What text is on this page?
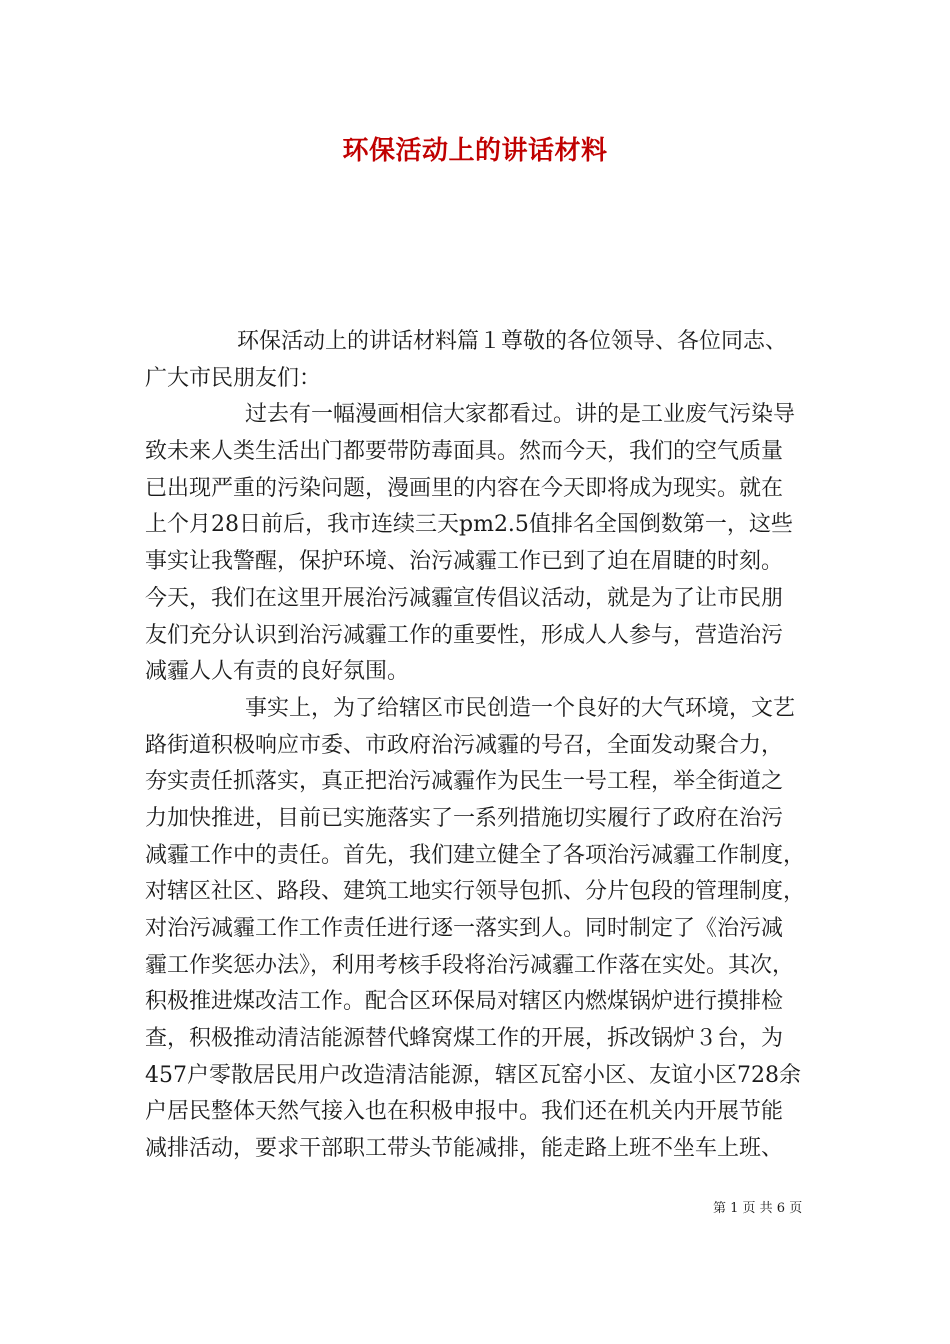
环保活动上的讲话材料
环保活动上的讲话材料篇１尊敬的各位领导、各位同志、
广大市民朋友们：
过去有一幅漫画相信大家都看过。讲的是工业废气污染导
致未来人类生活出门都要带防毒面具。然而今天，我们的空气质量
已出现严重的污染问题，漫画里的内容在今天即将成为现实。就在
上个月28日前后，我市连续三天pm2.5值排名全国倒数第一，这些
事实让我警醒，保护环境、治污减霾工作已到了迫在眉睫的时刻。
今天，我们在这里开展治污减霾宣传倡议活动，就是为了让市民朋
友们充分认识到治污减霾工作的重要性，形成人人参与，营造治污
减霾人人有责的良好氛围。
事实上，为了给辖区市民创造一个良好的大气环境，文艺
路街道积极响应市委、市政府治污减霾的号召，全面发动聚合力，
夯实责任抓落实，真正把治污减霾作为民生一号工程，举全街道之
力加快推进，目前已实施落实了一系列措施切实履行了政府在治污
减霾工作中的责任。首先，我们建立健全了各项治污减霾工作制度，
对辖区社区、路段、建筑工地实行领导包抓、分片包段的管理制度，
对治污减霾工作工作责任进行逐一落实到人。同时制定了《治污减
霾工作奖惩办法》，利用考核手段将治污减霾工作落在实处。其次，
积极推进煤改洁工作。配合区环保局对辖区内燃煤锅炉进行摸排检
查，积极推动清洁能源替代蜂窝煤工作的开展，拆改锅炉３台，为
457户零散居民用户改造清洁能源，辖区瓦窑小区、友谊小区728余
户居民整体天然气接入也在积极申报中。我们还在机关内开展节能
减排活动，要求干部职工带头节能减排，能走路上班不坐车上班、
第 1 页 共 6 页
